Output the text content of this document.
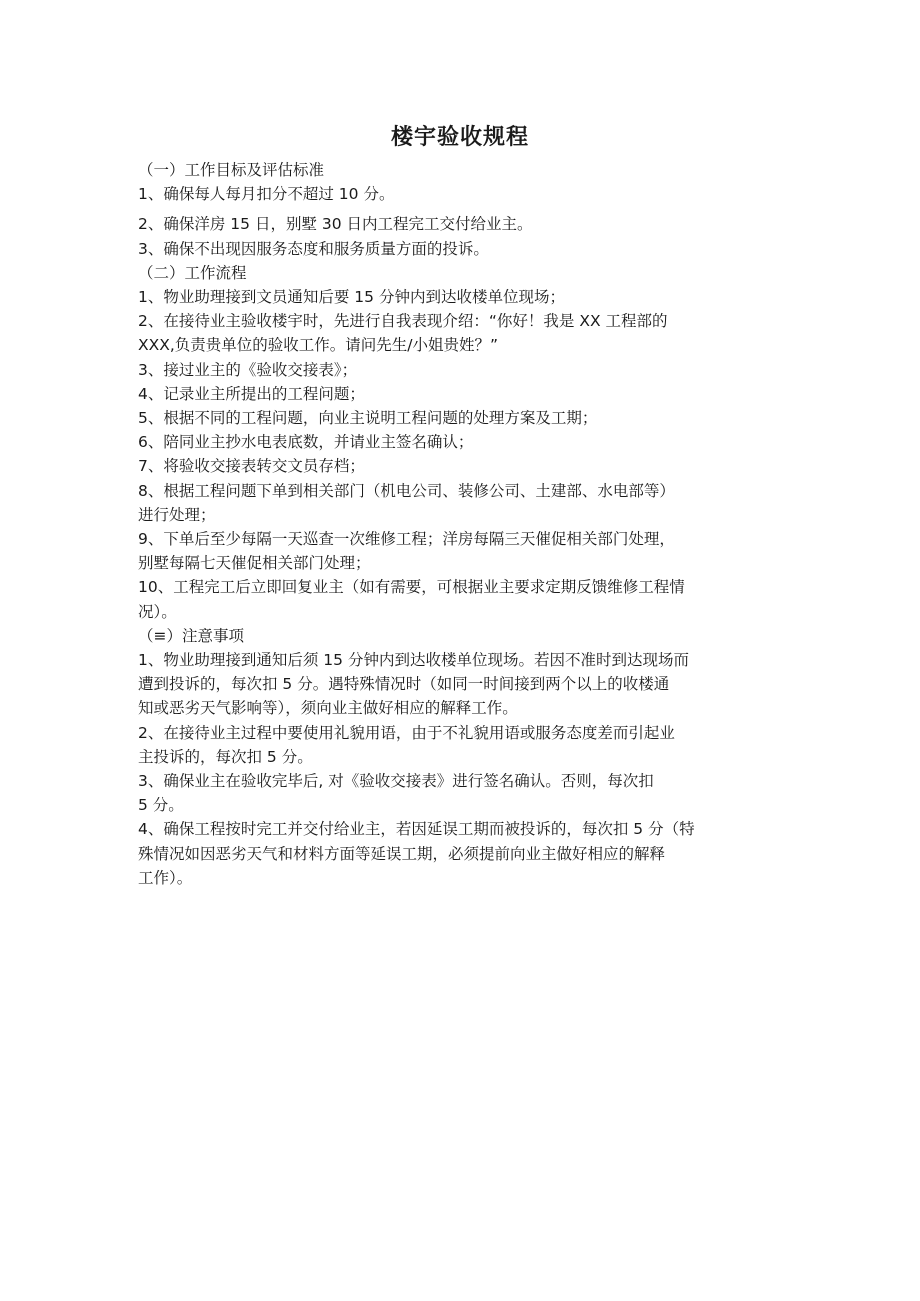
楼宇验收规程
（一）工作目标及评估标准
1、确保每人每月扣分不超过 10 分。
2、确保洋房 15 日，别墅 30 日内工程完工交付给业主。
3、确保不出现因服务态度和服务质量方面的投诉。
（二）工作流程
1、物业助理接到文员通知后要 15 分钟内到达收楼单位现场；
2、在接待业主验收楼宇时，先进行自我表现介绍：“你好！我是 XX 工程部的
XXX,负责贵单位的验收工作。请问先生/小姐贵姓？”
3、接过业主的《验收交接表》；
4、记录业主所提出的工程问题；
5、根据不同的工程问题，向业主说明工程问题的处理方案及工期；
6、陪同业主抄水电表底数，并请业主签名确认；
7、将验收交接表转交文员存档；
8、根据工程问题下单到相关部门（机电公司、装修公司、土建部、水电部等）
进行处理；
9、下单后至少每隔一天巡查一次维修工程；洋房每隔三天催促相关部门处理，
别墅每隔七天催促相关部门处理；
10、工程完工后立即回复业主（如有需要，可根据业主要求定期反馈维修工程情
况）。
（≡）注意事项
1、物业助理接到通知后须 15 分钟内到达收楼单位现场。若因不准时到达现场而
遭到投诉的，每次扣 5 分。遇特殊情况时（如同一时间接到两个以上的收楼通
知或恶劣天气影响等），须向业主做好相应的解释工作。
2、在接待业主过程中要使用礼貌用语，由于不礼貌用语或服务态度差而引起业
主投诉的，每次扣 5 分。
3、确保业主在验收完毕后, 对《验收交接表》进行签名确认。否则，每次扣
5 分。
4、确保工程按时完工并交付给业主，若因延误工期而被投诉的，每次扣 5 分（特
殊情况如因恶劣天气和材料方面等延误工期，必须提前向业主做好相应的解释
工作）。
